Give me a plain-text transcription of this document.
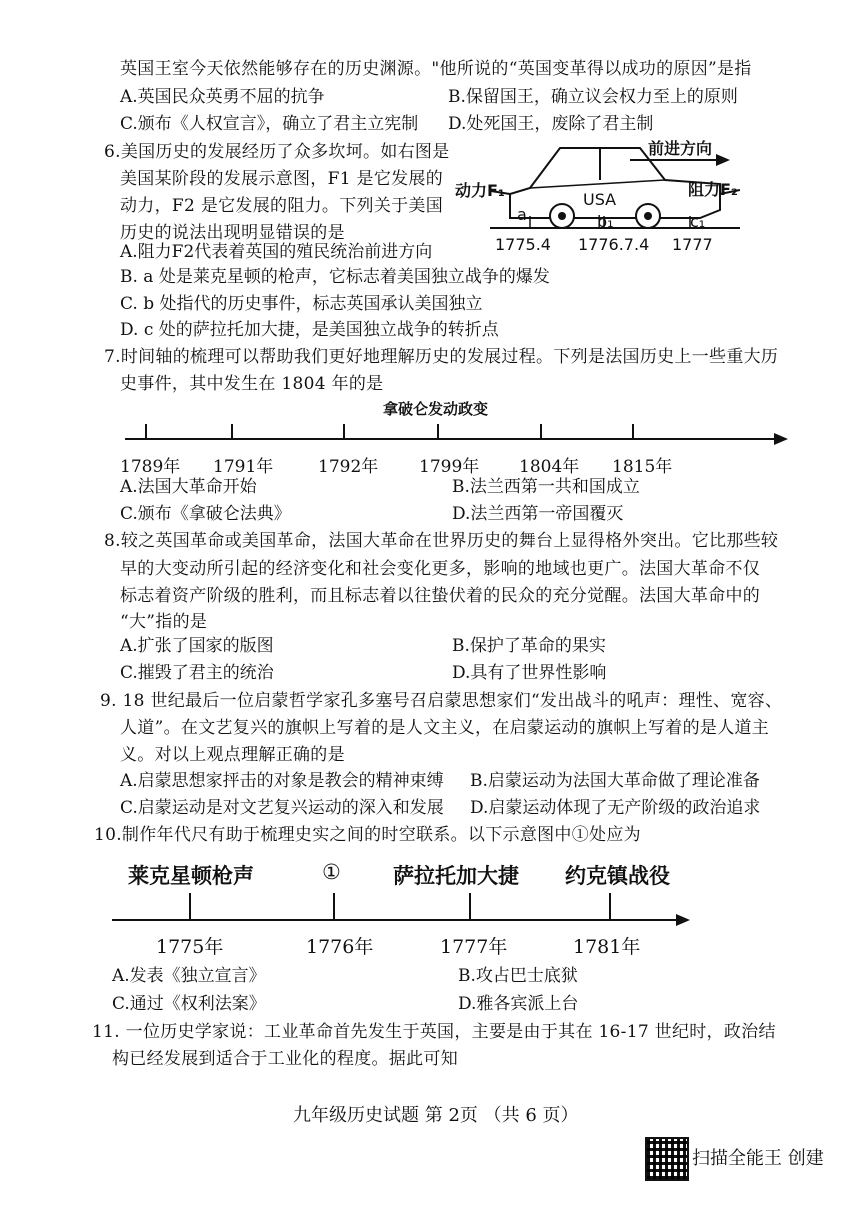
英国王室今天依然能够存在的历史渊源。"他所说的“英国变革得以成功的原因”是指
A.英国民众英勇不屈的抗争	B.保留国王，确立议会权力至上的原则
C.颁布《人权宣言》，确立了君主立宪制 D.处死国王，废除了君主制
6.美国历史的发展经历了众多坎坷。如右图是
美国某阶段的发展示意图，F1 是它发展的
动力，F2 是它发展的阻力。下列关于美国
历史的说法出现明显错误的是
A.阻力F2代表着英国的殖民统治前进方向
B. a 处是莱克星顿的枪声，它标志着美国独立战争的爆发
C. b 处指代的历史事件，标志英国承认美国独立
D. c 处的萨拉托加大捷，是美国独立战争的转折点
前进方向
动力F₁	阻力F₂
USA
a	b₁	c₁
1775.4 1776.7.4 1777
7.时间轴的梳理可以帮助我们更好地理解历史的发展过程。下列是法国历史上一些重大历
史事件，其中发生在 1804 年的是
拿破仑发动政变
1789年 1791年	1792年 1799年 1804年 1815年
A.法国大革命开始	B.法兰西第一共和国成立
C.颁布《拿破仑法典》	D.法兰西第一帝国覆灭
8.较之英国革命或美国革命，法国大革命在世界历史的舞台上显得格外突出。它比那些较
早的大变动所引起的经济变化和社会变化更多，影响的地域也更广。法国大革命不仅
标志着资产阶级的胜利，而且标志着以往蛰伏着的民众的充分觉醒。法国大革命中的
“大”指的是
A.扩张了国家的版图	B.保护了革命的果实
C.摧毁了君主的统治	D.具有了世界性影响
9. 18 世纪最后一位启蒙哲学家孔多塞号召启蒙思想家们“发出战斗的吼声：理性、宽容、
人道”。在文艺复兴的旗帜上写着的是人文主义，在启蒙运动的旗帜上写着的是人道主
义。对以上观点理解正确的是
A.启蒙思想家抨击的对象是教会的精神束缚 B.启蒙运动为法国大革命做了理论准备
C.启蒙运动是对文艺复兴运动的深入和发展 D.启蒙运动体现了无产阶级的政治追求
10.制作年代尺有助于梳理史实之间的时空联系。以下示意图中①处应为
莱克星顿枪声	① 萨拉托加大捷 约克镇战役
1775年	1776年	1777年	1781年
A.发表《独立宣言》	B.攻占巴士底狱
C.通过《权利法案》	D.雅各宾派上台
11. 一位历史学家说：工业革命首先发生于英国，主要是由于其在 16-17 世纪时，政治结
构已经发展到适合于工业化的程度。据此可知
九年级历史试题 第 2页 （共 6 页）
扫描全能王 创建
